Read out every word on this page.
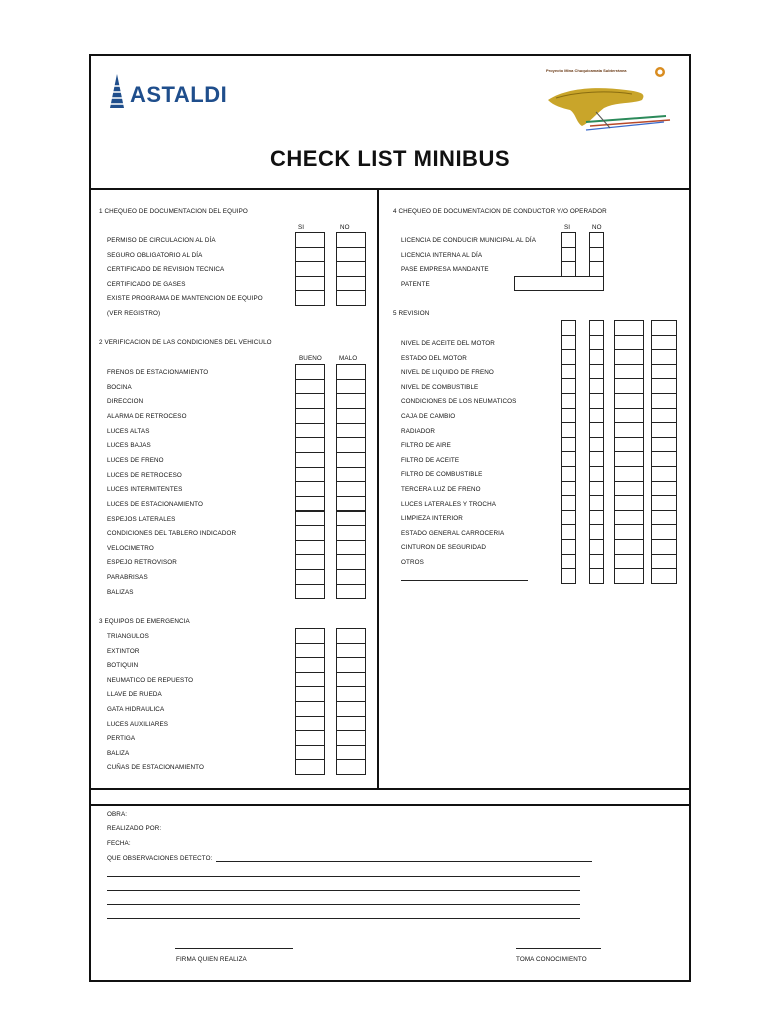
ASTALDI
Proyecto Mina Chuquicamata Subterránea
CHECK LIST MINIBUS
1 CHEQUEO DE DOCUMENTACION DEL EQUIPO
SI	NO
PERMISO DE CIRCULACION AL DÍA
SEGURO OBLIGATORIO AL DÍA
CERTIFICADO DE REVISION TECNICA
CERTIFICADO DE GASES
EXISTE PROGRAMA DE MANTENCION DE EQUIPO
(VER REGISTRO)
2 VERIFICACION DE LAS CONDICIONES DEL VEHICULO
BUENO	MALO
FRENOS DE ESTACIONAMIENTO
BOCINA
DIRECCION
ALARMA DE RETROCESO
LUCES ALTAS
LUCES BAJAS
LUCES DE FRENO
LUCES DE RETROCESO
LUCES INTERMITENTES
LUCES DE ESTACIONAMIENTO
ESPEJOS LATERALES
CONDICIONES DEL TABLERO INDICADOR
VELOCIMETRO
ESPEJO RETROVISOR
PARABRISAS
BALIZAS
3 EQUIPOS DE EMERGENCIA
TRIANGULOS
EXTINTOR
BOTIQUIN
NEUMATICO DE REPUESTO
LLAVE DE RUEDA
GATA HIDRAULICA
LUCES AUXILIARES
PERTIGA
BALIZA
CUÑAS DE ESTACIONAMIENTO
4 CHEQUEO DE DOCUMENTACION DE CONDUCTOR Y/O OPERADOR
SI	NO
LICENCIA DE CONDUCIR MUNICIPAL AL DÍA
LICENCIA INTERNA AL DÍA
PASE EMPRESA MANDANTE
PATENTE
5 REVISION
NIVEL DE ACEITE DEL MOTOR
ESTADO DEL MOTOR
NIVEL DE LIQUIDO DE FRENO
NIVEL DE COMBUSTIBLE
CONDICIONES DE LOS NEUMATICOS
CAJA DE CAMBIO
RADIADOR
FILTRO DE AIRE
FILTRO DE ACEITE
FILTRO DE COMBUSTIBLE
TERCERA LUZ DE FRENO
LUCES LATERALES Y TROCHA
LIMPIEZA INTERIOR
ESTADO GENERAL CARROCERIA
CINTURON DE SEGURIDAD
OTROS
OBRA:
REALIZADO POR:
FECHA:
QUE OBSERVACIONES DETECTO:
FIRMA QUIEN REALIZA	TOMA CONOCIMIENTO
